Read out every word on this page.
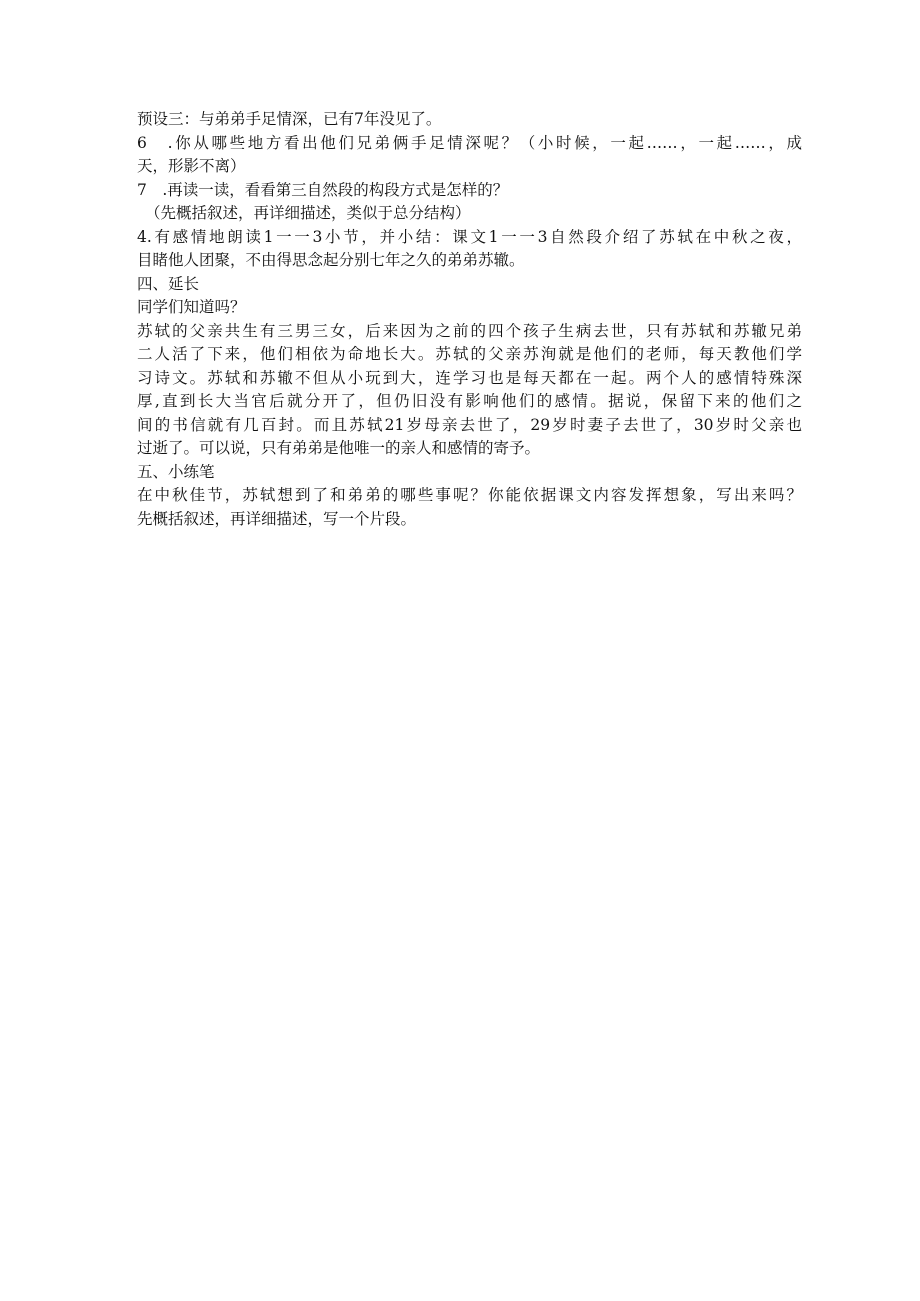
预设三：与弟弟手足情深，已有7年没见了。
6　.你从哪些地方看出他们兄弟俩手足情深呢？（小时候，一起……，一起……，成
天，形影不离）
7　.再读一读，看看第三自然段的构段方式是怎样的？
（先概括叙述，再详细描述，类似于总分结构）
4.有感情地朗读1一一3小节，并小结：课文1一一3自然段介绍了苏轼在中秋之夜，
目睹他人团聚，不由得思念起分别七年之久的弟弟苏辙。
四、延长
同学们知道吗？
苏轼的父亲共生有三男三女，后来因为之前的四个孩子生病去世，只有苏轼和苏辙兄弟
二人活了下来，他们相依为命地长大。苏轼的父亲苏洵就是他们的老师，每天教他们学
习诗文。苏轼和苏辙不但从小玩到大，连学习也是每天都在一起。两个人的感情特殊深
厚,直到长大当官后就分开了，但仍旧没有影响他们的感情。据说，保留下来的他们之
间的书信就有几百封。而且苏轼21岁母亲去世了，29岁时妻子去世了，30岁时父亲也
过逝了。可以说，只有弟弟是他唯一的亲人和感情的寄予。
五、小练笔
在中秋佳节，苏轼想到了和弟弟的哪些事呢？你能依据课文内容发挥想象，写出来吗？
先概括叙述，再详细描述，写一个片段。
